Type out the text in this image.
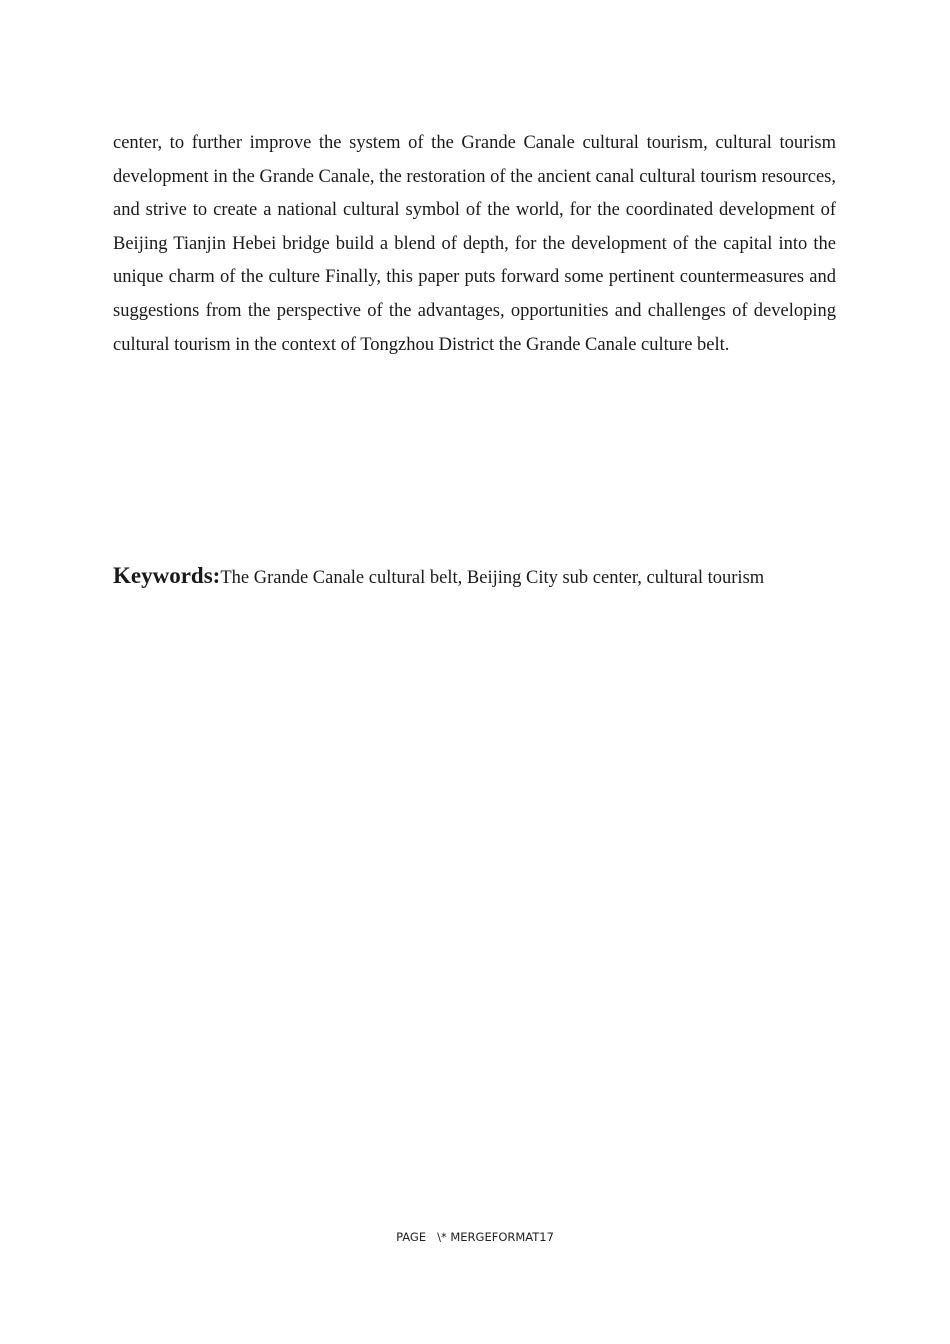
center, to further improve the system of the Grande Canale cultural tourism, cultural tourism development in the Grande Canale, the restoration of the ancient canal cultural tourism resources, and strive to create a national cultural symbol of the world, for the coordinated development of Beijing Tianjin Hebei bridge build a blend of depth, for the development of the capital into the unique charm of the culture Finally, this paper puts forward some pertinent countermeasures and suggestions from the perspective of the advantages, opportunities and challenges of developing cultural tourism in the context of Tongzhou District the Grande Canale culture belt.

Keywords:The Grande Canale cultural belt, Beijing City sub center, cultural tourism

PAGE   \* MERGEFORMAT17
